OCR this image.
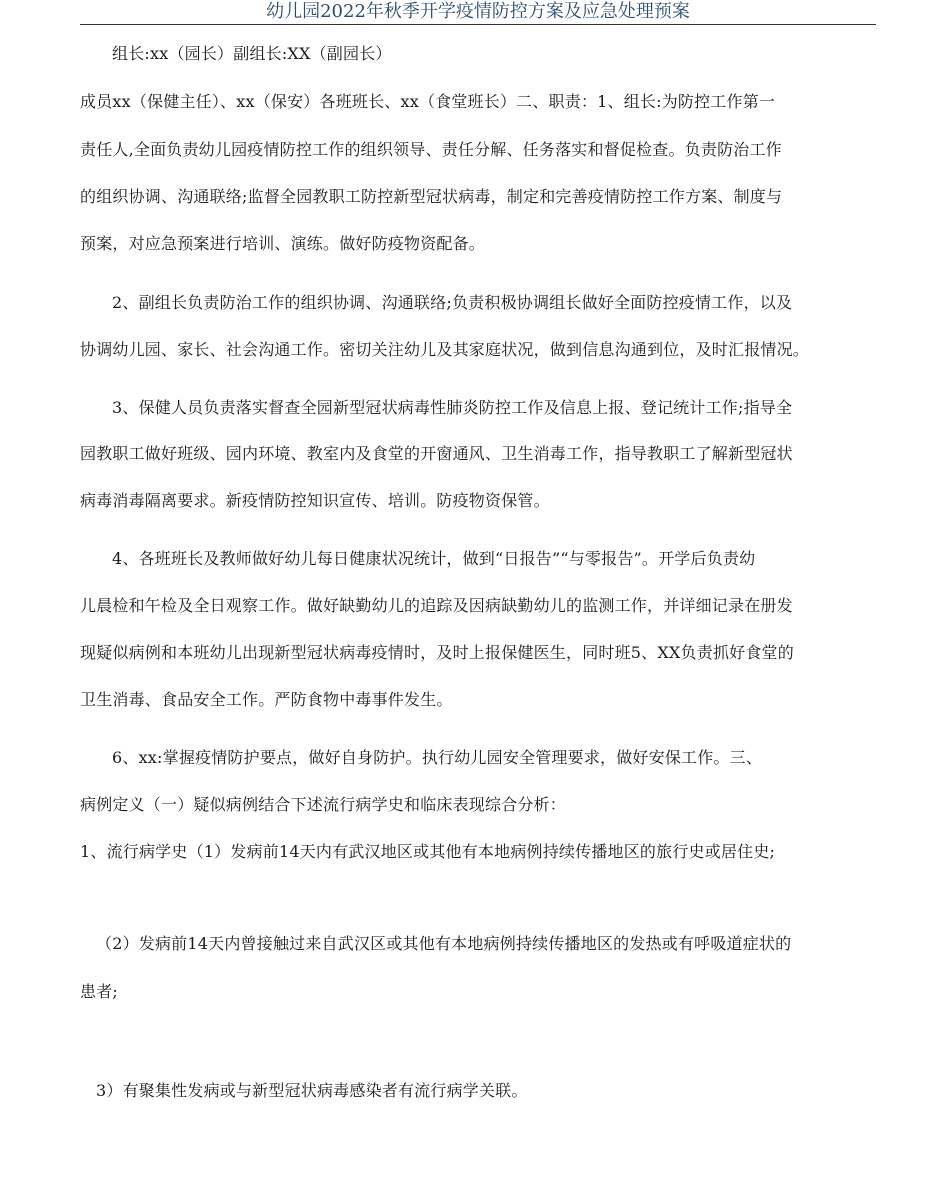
幼儿园2022年秋季开学疫情防控方案及应急处理预案
组长:xx（园长）副组长:XX（副园长）
成员xx（保健主任）、xx（保安）各班班长、xx（食堂班长）二、职责：1、组长:为防控工作第一
责任人,全面负责幼儿园疫情防控工作的组织领导、责任分解、任务落实和督促检查。负责防治工作
的组织协调、沟通联络;监督全园教职工防控新型冠状病毒，制定和完善疫情防控工作方案、制度与
预案，对应急预案进行培训、演练。做好防疫物资配备。
2、副组长负责防治工作的组织协调、沟通联络;负责积极协调组长做好全面防控疫情工作，以及
协调幼儿园、家长、社会沟通工作。密切关注幼儿及其家庭状况，做到信息沟通到位，及时汇报情况。
3、保健人员负责落实督查全园新型冠状病毒性肺炎防控工作及信息上报、登记统计工作;指导全
园教职工做好班级、园内环境、教室内及食堂的开窗通风、卫生消毒工作，指导教职工了解新型冠状
病毒消毒隔离要求。新疫情防控知识宣传、培训。防疫物资保管。
4、各班班长及教师做好幼儿每日健康状况统计，做到“日报告”“与零报告”。开学后负责幼
儿晨检和午检及全日观察工作。做好缺勤幼儿的追踪及因病缺勤幼儿的监测工作，并详细记录在册发
现疑似病例和本班幼儿出现新型冠状病毒疫情时，及时上报保健医生，同时班5、XX负责抓好食堂的
卫生消毒、食品安全工作。严防食物中毒事件发生。
6、xx:掌握疫情防护要点，做好自身防护。执行幼儿园安全管理要求，做好安保工作。三、
病例定义（一）疑似病例结合下述流行病学史和临床表现综合分析：
1、流行病学史（1）发病前14天内有武汉地区或其他有本地病例持续传播地区的旅行史或居住史;
（2）发病前14天内曾接触过来自武汉区或其他有本地病例持续传播地区的发热或有呼吸道症状的
患者;
3）有聚集性发病或与新型冠状病毒感染者有流行病学关联。
